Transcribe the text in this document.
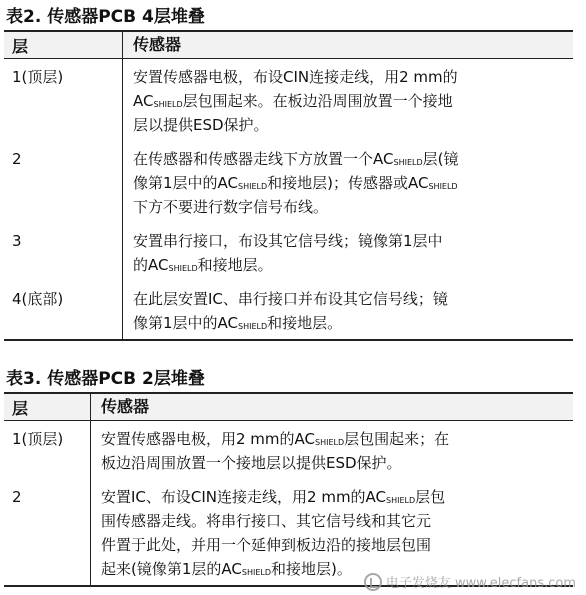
表2. 传感器PCB 4层堆叠
层	传感器
1(顶层)	安置传感器电极，布设CIN连接走线，用2 mm的
$AC_{SHIELD}$层包围起来。在板边沿周围放置一个接地
层以提供ESD保护。
2	在传感器和传感器走线下方放置一个$AC_{SHIELD}$层(镜
像第1层中的$AC_{SHIELD}$和接地层)；传感器或$AC_{SHIELD}$
下方不要进行数字信号布线。
3	安置串行接口，布设其它信号线；镜像第1层中
的$AC_{SHIELD}$和接地层。
4(底部)	在此层安置IC、串行接口并布设其它信号线；镜
像第1层中的$AC_{SHIELD}$和接地层。
表3. 传感器PCB 2层堆叠
层	传感器
1(顶层)	安置传感器电极，用2 mm的$AC_{SHIELD}$层包围起来；在
板边沿周围放置一个接地层以提供ESD保护。
2	安置IC、布设CIN连接走线，用2 mm的$AC_{SHIELD}$层包
围传感器走线。将串行接口、其它信号线和其它元
件置于此处，并用一个延伸到板边沿的接地层包围
起来(镜像第1层的$AC_{SHIELD}$和接地层)。
电子发烧友 www.elecfans.com
